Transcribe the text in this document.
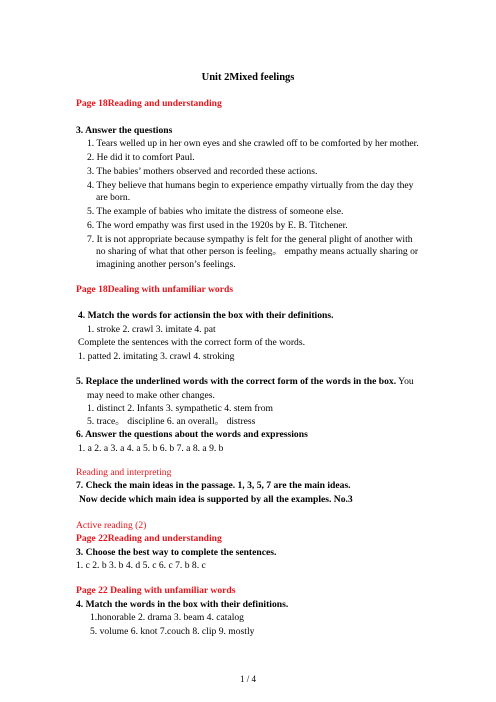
Unit 2Mixed feelings
Page 18Reading and understanding
3. Answer the questions
1. Tears welled up in her own eyes and she crawled off to be comforted by her mother.
2. He did it to comfort Paul.
3. The babies’ mothers observed and recorded these actions.
4. They believe that humans begin to experience empathy virtually from the day they
are born.
5. The example of babies who imitate the distress of someone else.
6. The word empathy was first used in the 1920s by E. B. Titchener.
7. It is not appropriate because sympathy is felt for the general plight of another with
no sharing of what that other person is feeling。 empathy means actually sharing or
imagining another person’s feelings.
Page 18Dealing with unfamiliar words
4. Match the words for actionsin the box with their definitions.
1. stroke 2. crawl 3. imitate 4. pat
Complete the sentences with the correct form of the words.
1. patted 2. imitating 3. crawl 4. stroking
5. Replace the underlined words with the correct form of the words in the box. You
may need to make other changes.
1. distinct 2. Infants 3. sympathetic 4. stem from
5. trace。 discipline 6. an overall。 distress
6. Answer the questions about the words and expressions
1. a 2. a 3. a 4. a 5. b 6. b 7. a 8. a 9. b
Reading and interpreting
7. Check the main ideas in the passage. 1, 3, 5, 7 are the main ideas.
Now decide which main idea is supported by all the examples. No.3
Active reading (2)
Page 22Reading and understanding
3. Choose the best way to complete the sentences.
1. c 2. b 3. b 4. d 5. c 6. c 7. b 8. c
Page 22 Dealing with unfamiliar words
4. Match the words in the box with their definitions.
1.honorable 2. drama 3. beam 4. catalog
5. volume 6. knot 7.couch 8. clip 9. mostly
1 / 4
